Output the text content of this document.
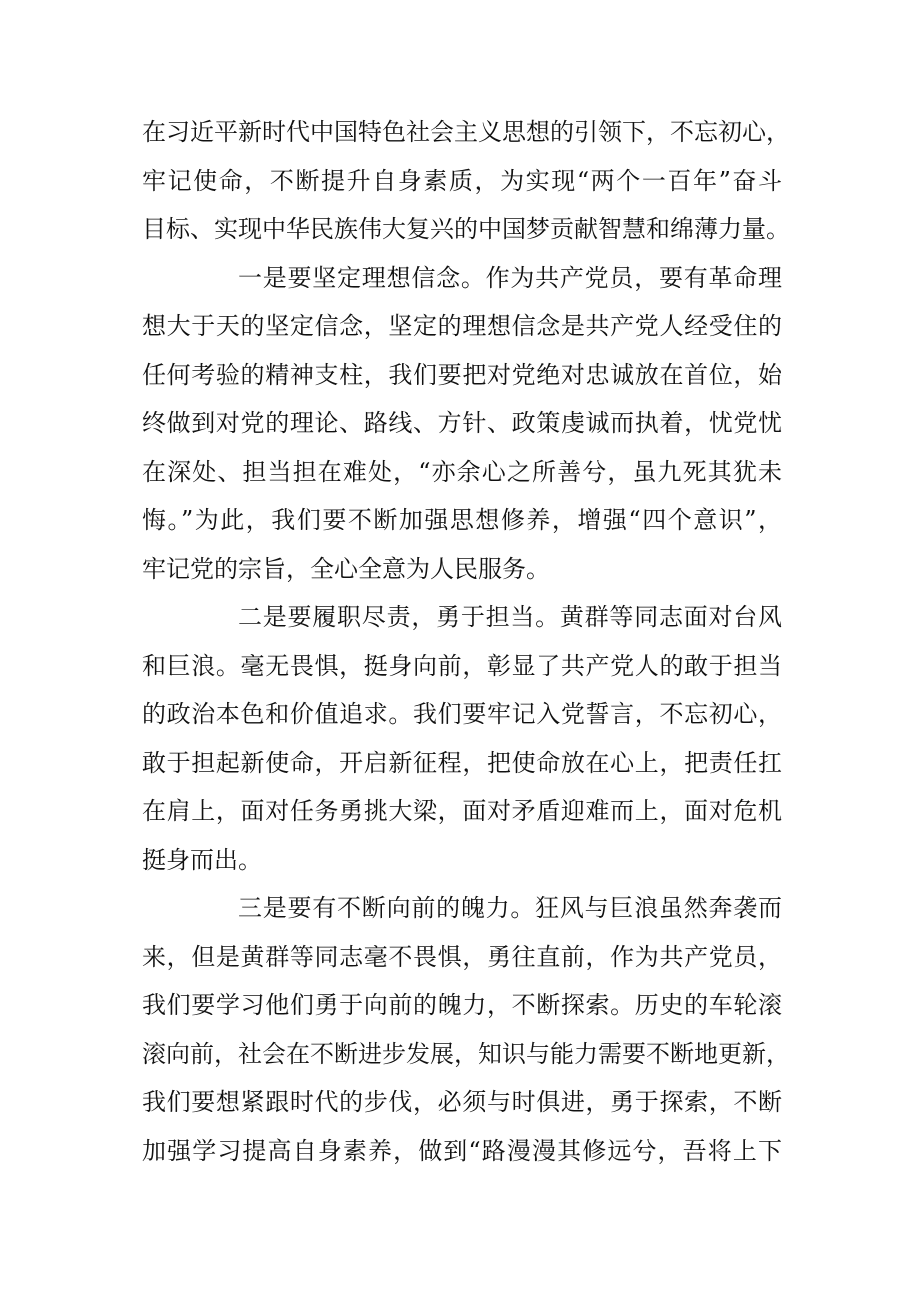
在习近平新时代中国特色社会主义思想的引领下，不忘初心，
牢记使命，不断提升自身素质，为实现“两个一百年”奋斗
目标、实现中华民族伟大复兴的中国梦贡献智慧和绵薄力量。
一是要坚定理想信念。作为共产党员，要有革命理
想大于天的坚定信念，坚定的理想信念是共产党人经受住的
任何考验的精神支柱，我们要把对党绝对忠诚放在首位，始
终做到对党的理论、路线、方针、政策虔诚而执着，忧党忧
在深处、担当担在难处，“亦余心之所善兮，虽九死其犹未
悔。”为此，我们要不断加强思想修养，增强“四个意识”，
牢记党的宗旨，全心全意为人民服务。
二是要履职尽责，勇于担当。黄群等同志面对台风
和巨浪。毫无畏惧，挺身向前，彰显了共产党人的敢于担当
的政治本色和价值追求。我们要牢记入党誓言，不忘初心，
敢于担起新使命，开启新征程，把使命放在心上，把责任扛
在肩上，面对任务勇挑大梁，面对矛盾迎难而上，面对危机
挺身而出。
三是要有不断向前的魄力。狂风与巨浪虽然奔袭而
来，但是黄群等同志毫不畏惧，勇往直前，作为共产党员，
我们要学习他们勇于向前的魄力，不断探索。历史的车轮滚
滚向前，社会在不断进步发展，知识与能力需要不断地更新，
我们要想紧跟时代的步伐，必须与时俱进，勇于探索，不断
加强学习提高自身素养，做到“路漫漫其修远兮，吾将上下
